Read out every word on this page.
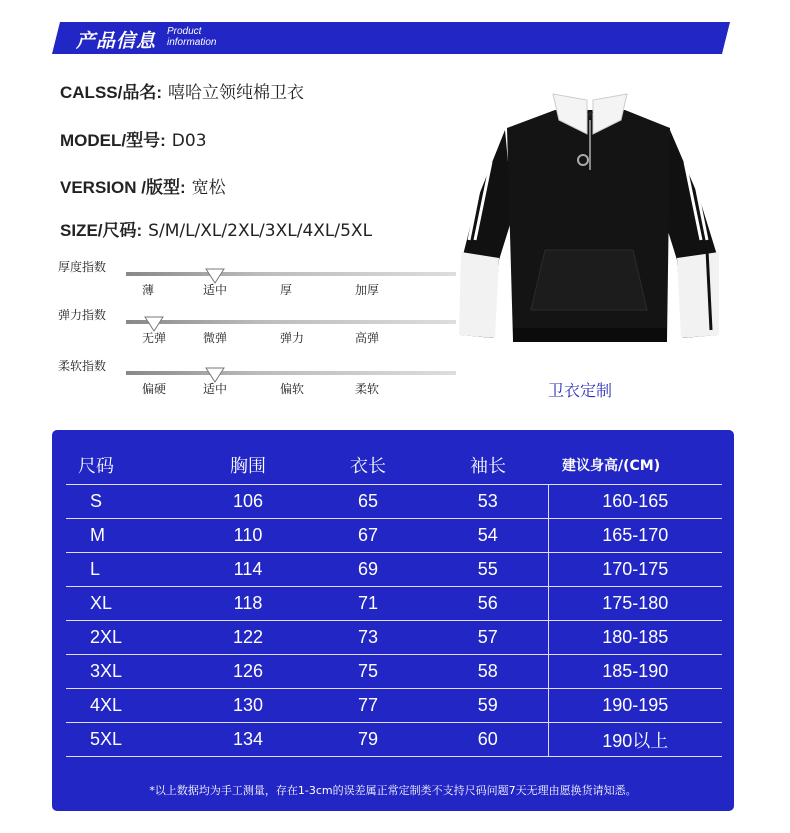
产品信息 Product
information
CALSS/品名: 嘻哈立领纯棉卫衣
MODEL/型号: D03
VERSION /版型: 宽松
SIZE/尺码: S/M/L/XL/2XL/3XL/4XL/5XL
厚度指数
薄	适中	厚	加厚
弹力指数
无弹	微弹	弹力	高弹
柔软指数
偏硬	适中	偏软	柔软	卫衣定制
尺码	胸围	衣长	袖长	建议身高/(CM)
S	106	65	53	160-165
M	110	67	54	165-170
L	114	69	55	170-175
XL	118	71	56	175-180
2XL	122	73	57	180-185
3XL	126	75	58	185-190
4XL	130	77	59	190-195
5XL	134	79	60	190以上
*以上数据均为手工测量，存在1-3cm的误差属正常定制类不支持尺码问题7天无理由愿换货请知悉。
